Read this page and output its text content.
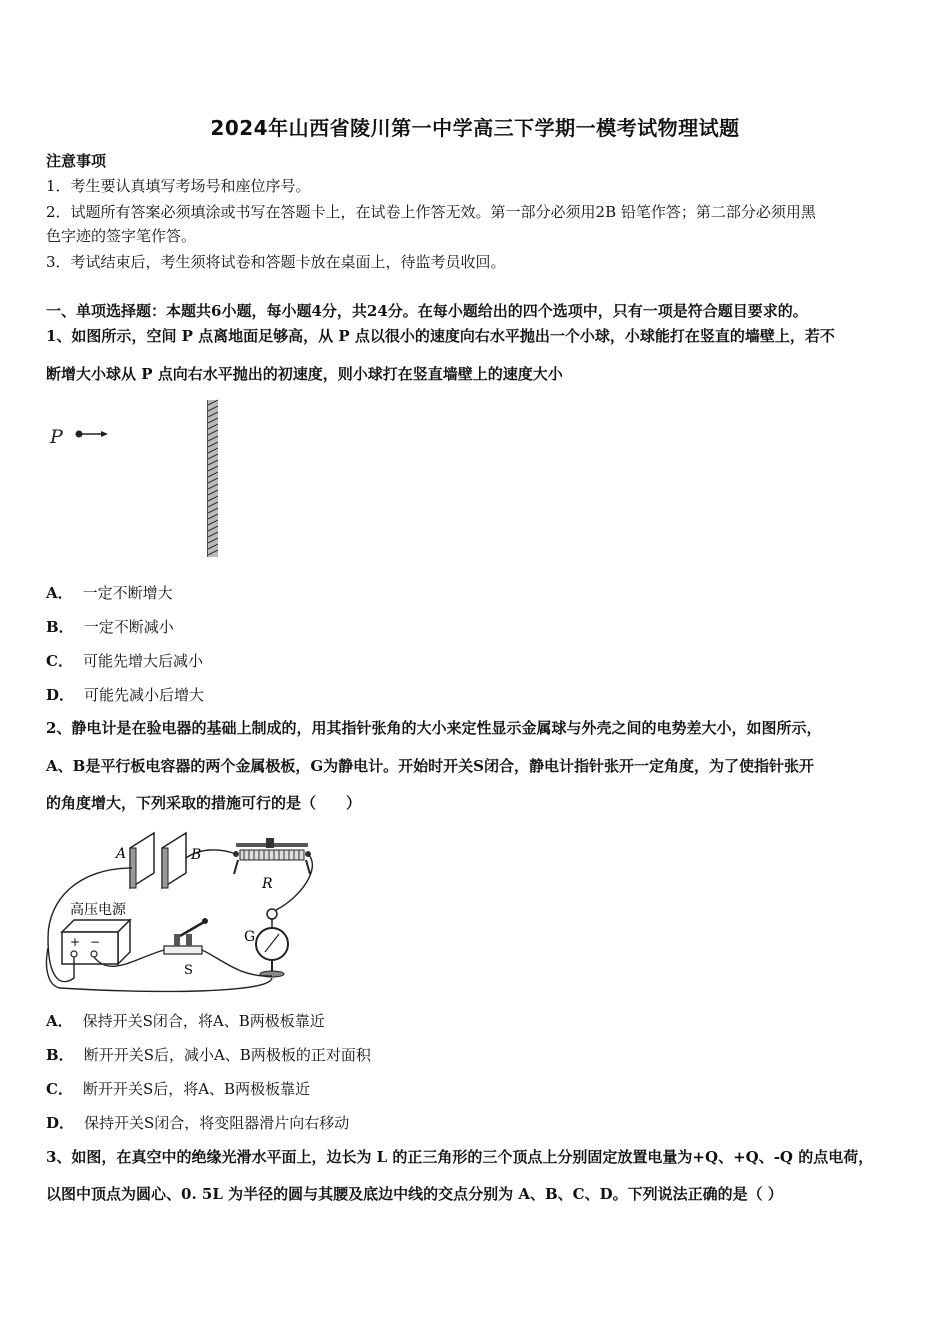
2024年山西省陵川第一中学高三下学期一模考试物理试题
注意事项
1．考生要认真填写考场号和座位序号。
2．试题所有答案必须填涂或书写在答题卡上，在试卷上作答无效。第一部分必须用2B 铅笔作答；第二部分必须用黑
色字迹的签字笔作答。
3．考试结束后，考生须将试卷和答题卡放在桌面上，待监考员收回。
一、单项选择题：本题共6小题，每小题4分，共24分。在每小题给出的四个选项中，只有一项是符合题目要求的。
1、如图所示，空间 P 点离地面足够高，从 P 点以很小的速度向右水平抛出一个小球，小球能打在竖直的墙壁上，若不
断增大小球从 P 点向右水平抛出的初速度，则小球打在竖直墙壁上的速度大小
P
A． 一定不断增大
B． 一定不断减小
C． 可能先增大后减小
D． 可能先减小后增大
2、静电计是在验电器的基础上制成的，用其指针张角的大小来定性显示金属球与外壳之间的电势差大小，如图所示，
A、B是平行板电容器的两个金属极板，G为静电计。开始时开关S闭合，静电计指针张开一定角度，为了使指针张开
的角度增大，下列采取的措施可行的是（　　）
A	B
R
G
高压电源
+ −
S
A． 保持开关S闭合，将A、B两极板靠近
B． 断开开关S后，减小A、B两极板的正对面积
C． 断开开关S后，将A、B两极板靠近
D． 保持开关S闭合，将变阻器滑片向右移动
3、如图，在真空中的绝缘光滑水平面上，边长为 L 的正三角形的三个顶点上分别固定放置电量为+Q、+Q、-Q 的点电荷，
以图中顶点为圆心、0. 5L 为半径的圆与其腰及底边中线的交点分别为 A、B、C、D。下列说法正确的是（ ）
